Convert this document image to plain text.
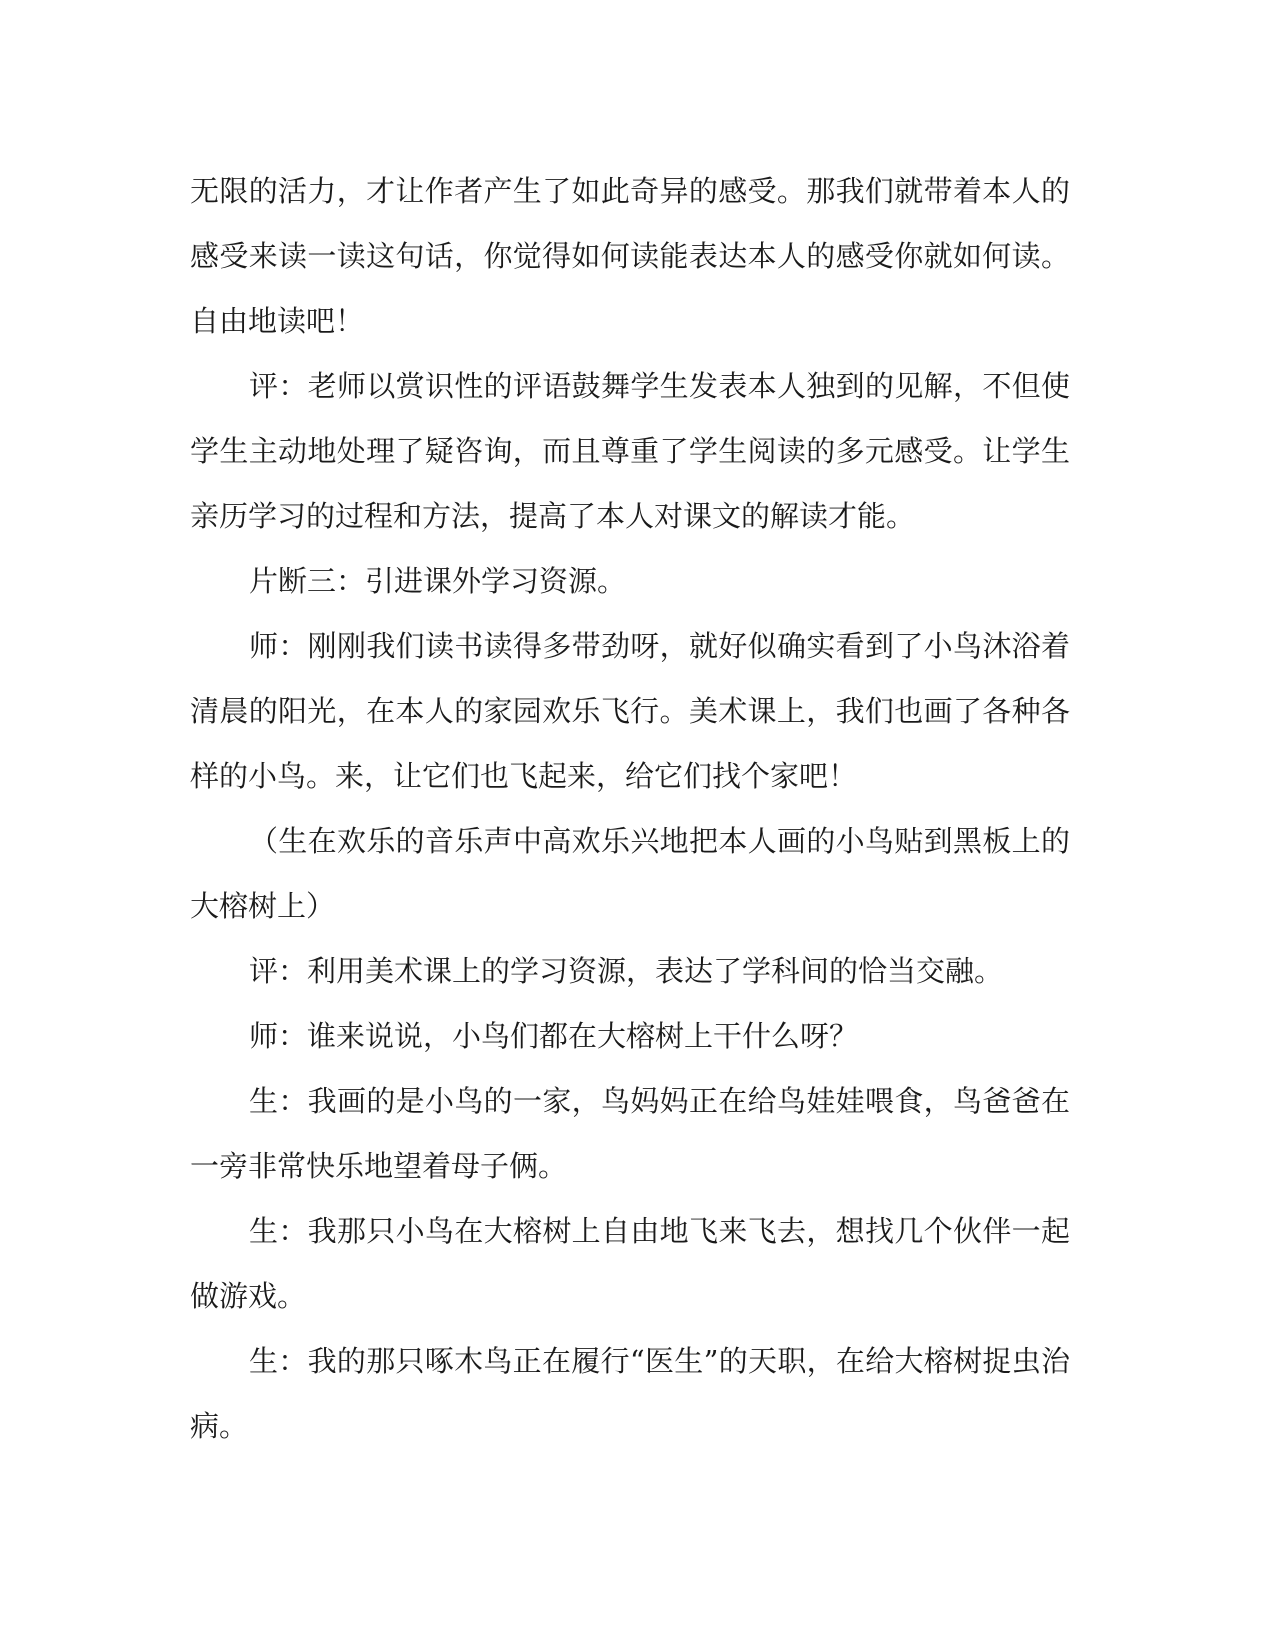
无限的活力，才让作者产生了如此奇异的感受。那我们就带着本人的感受来读一读这句话，你觉得如何读能表达本人的感受你就如何读。自由地读吧！

评：老师以赏识性的评语鼓舞学生发表本人独到的见解，不但使学生主动地处理了疑咨询，而且尊重了学生阅读的多元感受。让学生亲历学习的过程和方法，提高了本人对课文的解读才能。

片断三：引进课外学习资源。

师：刚刚我们读书读得多带劲呀，就好似确实看到了小鸟沐浴着清晨的阳光，在本人的家园欢乐飞行。美术课上，我们也画了各种各样的小鸟。来，让它们也飞起来，给它们找个家吧！

（生在欢乐的音乐声中高欢乐兴地把本人画的小鸟贴到黑板上的大榕树上）

评：利用美术课上的学习资源，表达了学科间的恰当交融。

师：谁来说说，小鸟们都在大榕树上干什么呀？

生：我画的是小鸟的一家，鸟妈妈正在给鸟娃娃喂食，鸟爸爸在一旁非常快乐地望着母子俩。

生：我那只小鸟在大榕树上自由地飞来飞去，想找几个伙伴一起做游戏。

生：我的那只啄木鸟正在履行“医生”的天职，在给大榕树捉虫治病。
